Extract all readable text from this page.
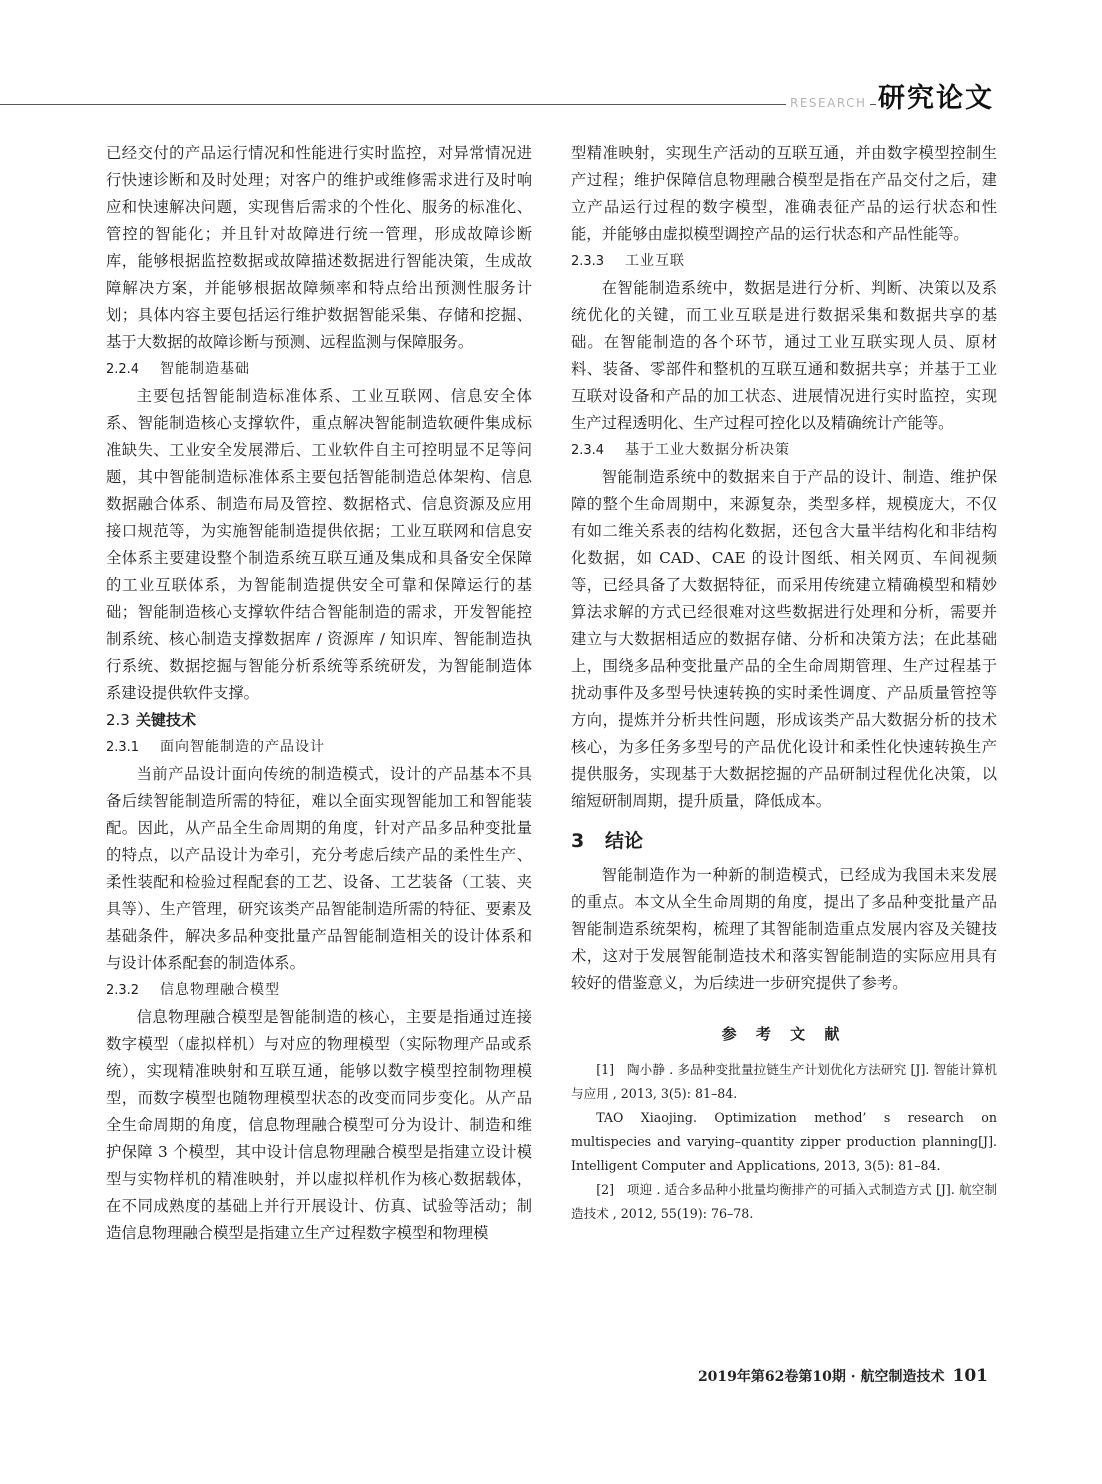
RESEARCH 研究论文

已经交付的产品运行情况和性能进行实时监控，对异常情况进行快速诊断和及时处理；对客户的维护或维修需求进行及时响应和快速解决问题，实现售后需求的个性化、服务的标准化、管控的智能化；并且针对故障进行统一管理，形成故障诊断库，能够根据监控数据或故障描述数据进行智能决策，生成故障解决方案，并能够根据故障频率和特点给出预测性服务计划；具体内容主要包括运行维护数据智能采集、存储和挖掘、基于大数据的故障诊断与预测、远程监测与保障服务。

2.2.4 智能制造基础

主要包括智能制造标准体系、工业互联网、信息安全体系、智能制造核心支撑软件，重点解决智能制造软硬件集成标准缺失、工业安全发展滞后、工业软件自主可控明显不足等问题，其中智能制造标准体系主要包括智能制造总体架构、信息数据融合体系、制造布局及管控、数据格式、信息资源及应用接口规范等，为实施智能制造提供依据；工业互联网和信息安全体系主要建设整个制造系统互联互通及集成和具备安全保障的工业互联体系，为智能制造提供安全可靠和保障运行的基础；智能制造核心支撑软件结合智能制造的需求，开发智能控制系统、核心制造支撑数据库 / 资源库 / 知识库、智能制造执行系统、数据挖掘与智能分析系统等系统研发，为智能制造体系建设提供软件支撑。

2.3 关键技术
2.3.1 面向智能制造的产品设计

当前产品设计面向传统的制造模式，设计的产品基本不具备后续智能制造所需的特征，难以全面实现智能加工和智能装配。因此，从产品全生命周期的角度，针对产品多品种变批量的特点，以产品设计为牵引，充分考虑后续产品的柔性生产、柔性装配和检验过程配套的工艺、设备、工艺装备（工装、夹具等）、生产管理，研究该类产品智能制造所需的特征、要素及基础条件，解决多品种变批量产品智能制造相关的设计体系和与设计体系配套的制造体系。

2.3.2 信息物理融合模型

信息物理融合模型是智能制造的核心，主要是指通过连接数字模型（虚拟样机）与对应的物理模型（实际物理产品或系统），实现精准映射和互联互通，能够以数字模型控制物理模型，而数字模型也随物理模型状态的改变而同步变化。从产品全生命周期的角度，信息物理融合模型可分为设计、制造和维护保障 3 个模型，其中设计信息物理融合模型是指建立设计模型与实物样机的精准映射，并以虚拟样机作为核心数据载体，在不同成熟度的基础上并行开展设计、仿真、试验等活动；制造信息物理融合模型是指建立生产过程数字模型和物理模

型精准映射，实现生产活动的互联互通，并由数字模型控制生产过程；维护保障信息物理融合模型是指在产品交付之后，建立产品运行过程的数字模型，准确表征产品的运行状态和性能，并能够由虚拟模型调控产品的运行状态和产品性能等。

2.3.3 工业互联

在智能制造系统中，数据是进行分析、判断、决策以及系统优化的关键，而工业互联是进行数据采集和数据共享的基础。在智能制造的各个环节，通过工业互联实现人员、原材料、装备、零部件和整机的互联互通和数据共享；并基于工业互联对设备和产品的加工状态、进展情况进行实时监控，实现生产过程透明化、生产过程可控化以及精确统计产能等。

2.3.4 基于工业大数据分析决策

智能制造系统中的数据来自于产品的设计、制造、维护保障的整个生命周期中，来源复杂，类型多样，规模庞大，不仅有如二维关系表的结构化数据，还包含大量半结构化和非结构化数据，如 CAD、CAE 的设计图纸、相关网页、车间视频等，已经具备了大数据特征，而采用传统建立精确模型和精妙算法求解的方式已经很难对这些数据进行处理和分析，需要并建立与大数据相适应的数据存储、分析和决策方法；在此基础上，围绕多品种变批量产品的全生命周期管理、生产过程基于扰动事件及多型号快速转换的实时柔性调度、产品质量管控等方向，提炼并分析共性问题，形成该类产品大数据分析的技术核心，为多任务多型号的产品优化设计和柔性化快速转换生产提供服务，实现基于大数据挖掘的产品研制过程优化决策，以缩短研制周期，提升质量，降低成本。

3 结论

智能制造作为一种新的制造模式，已经成为我国未来发展的重点。本文从全生命周期的角度，提出了多品种变批量产品智能制造系统架构，梳理了其智能制造重点发展内容及关键技术，这对于发展智能制造技术和落实智能制造的实际应用具有较好的借鉴意义，为后续进一步研究提供了参考。

参 考 文 献

[1]　陶小静 . 多品种变批量拉链生产计划优化方法研究 [J]. 智能计算机与应用 , 2013, 3(5): 81–84.

TAO Xiaojing. Optimization method’ s research on multispecies and varying–quantity zipper production planning[J]. Intelligent Computer and Applications, 2013, 3(5): 81–84.

[2]　项迎 . 适合多品种小批量均衡排产的可插入式制造方式 [J]. 航空制造技术 , 2012, 55(19): 76–78.

2019年第62卷第10期 · 航空制造技术 101
